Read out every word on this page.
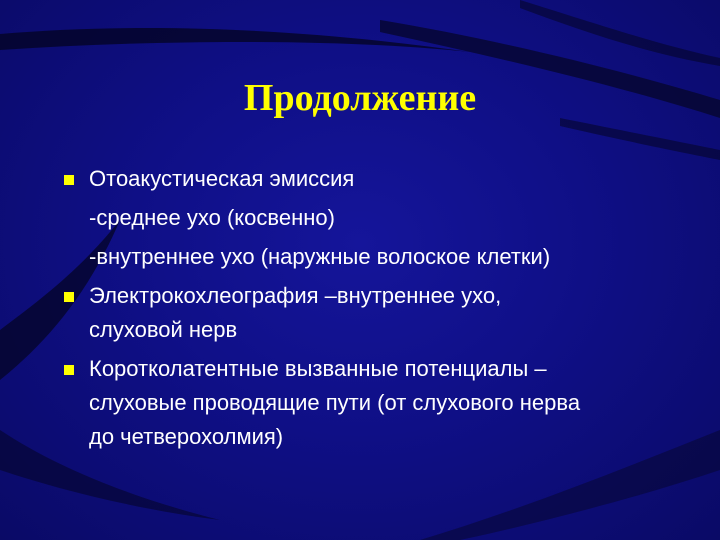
Продолжение
Отоакустическая эмиссия
-среднее ухо (косвенно)
-внутреннее ухо (наружные волоское клетки)
Электрокохлеография –внутреннее ухо,
слуховой нерв
Коротколатентные вызванные потенциалы –
слуховые проводящие пути (от слухового нерва
до четверохолмия)
